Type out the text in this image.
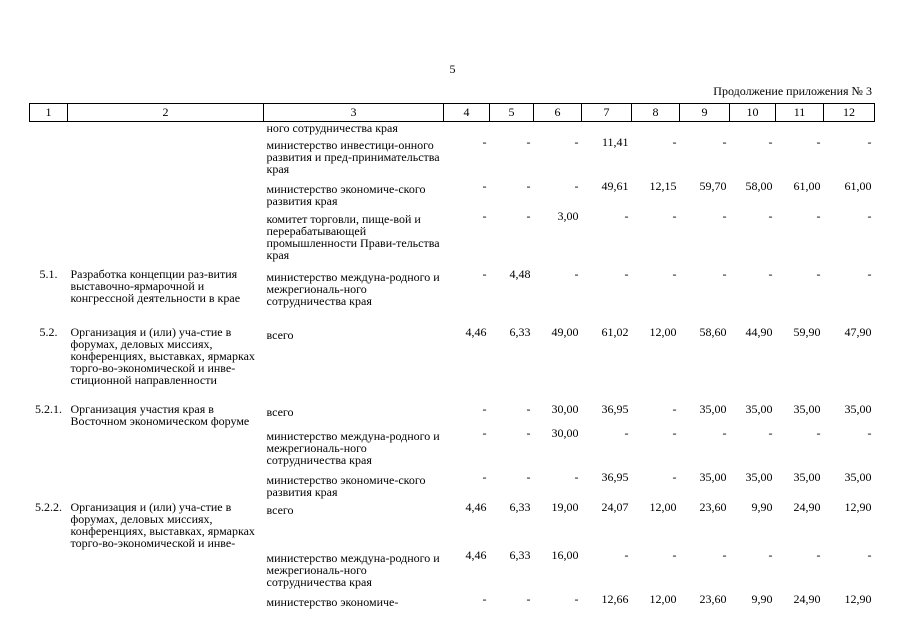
5
Продолжение приложения № 3
1	2	3	4	5	6	7	8	9	10	11	12
		ного сотрудничества края									
		министерство инвестици-онного развития и пред-принимательства края	-	-	-	11,41	-	-	-	-	-
		министерство экономиче-ского развития края	-	-	-	49,61	12,15	59,70	58,00	61,00	61,00
		комитет торговли, пище-вой и перерабатывающей промышленности Прави-тельства края	-	-	3,00	-	-	-	-	-	-
5.1.	Разработка концепции раз-вития выставочно-ярмарочной и конгрессной деятельности в крае	министерство междуна-родного и межрегиональ-ного сотрудничества края	-	4,48	-	-	-	-	-	-	-
5.2.	Организация и (или) уча-стие в форумах, деловых миссиях, конференциях, выставках, ярмарках торго-во-экономической и инве-стиционной направленности	всего	4,46	6,33	49,00	61,02	12,00	58,60	44,90	59,90	47,90
5.2.1.	Организация участия края в Восточном экономическом форуме	всего	-	-	30,00	36,95	-	35,00	35,00	35,00	35,00
		министерство междуна-родного и межрегиональ-ного сотрудничества края	-	-	30,00	-	-	-	-	-	-
		министерство экономиче-ского развития края	-	-	-	36,95	-	35,00	35,00	35,00	35,00
5.2.2.	Организация и (или) уча-стие в форумах, деловых миссиях, конференциях, выставках, ярмарках торго-во-экономической и инве-	всего	4,46	6,33	19,00	24,07	12,00	23,60	9,90	24,90	12,90
		министерство междуна-родного и межрегиональ-ного сотрудничества края	4,46	6,33	16,00	-	-	-	-	-	-
		министерство экономиче-	-	-	-	12,66	12,00	23,60	9,90	24,90	12,90
